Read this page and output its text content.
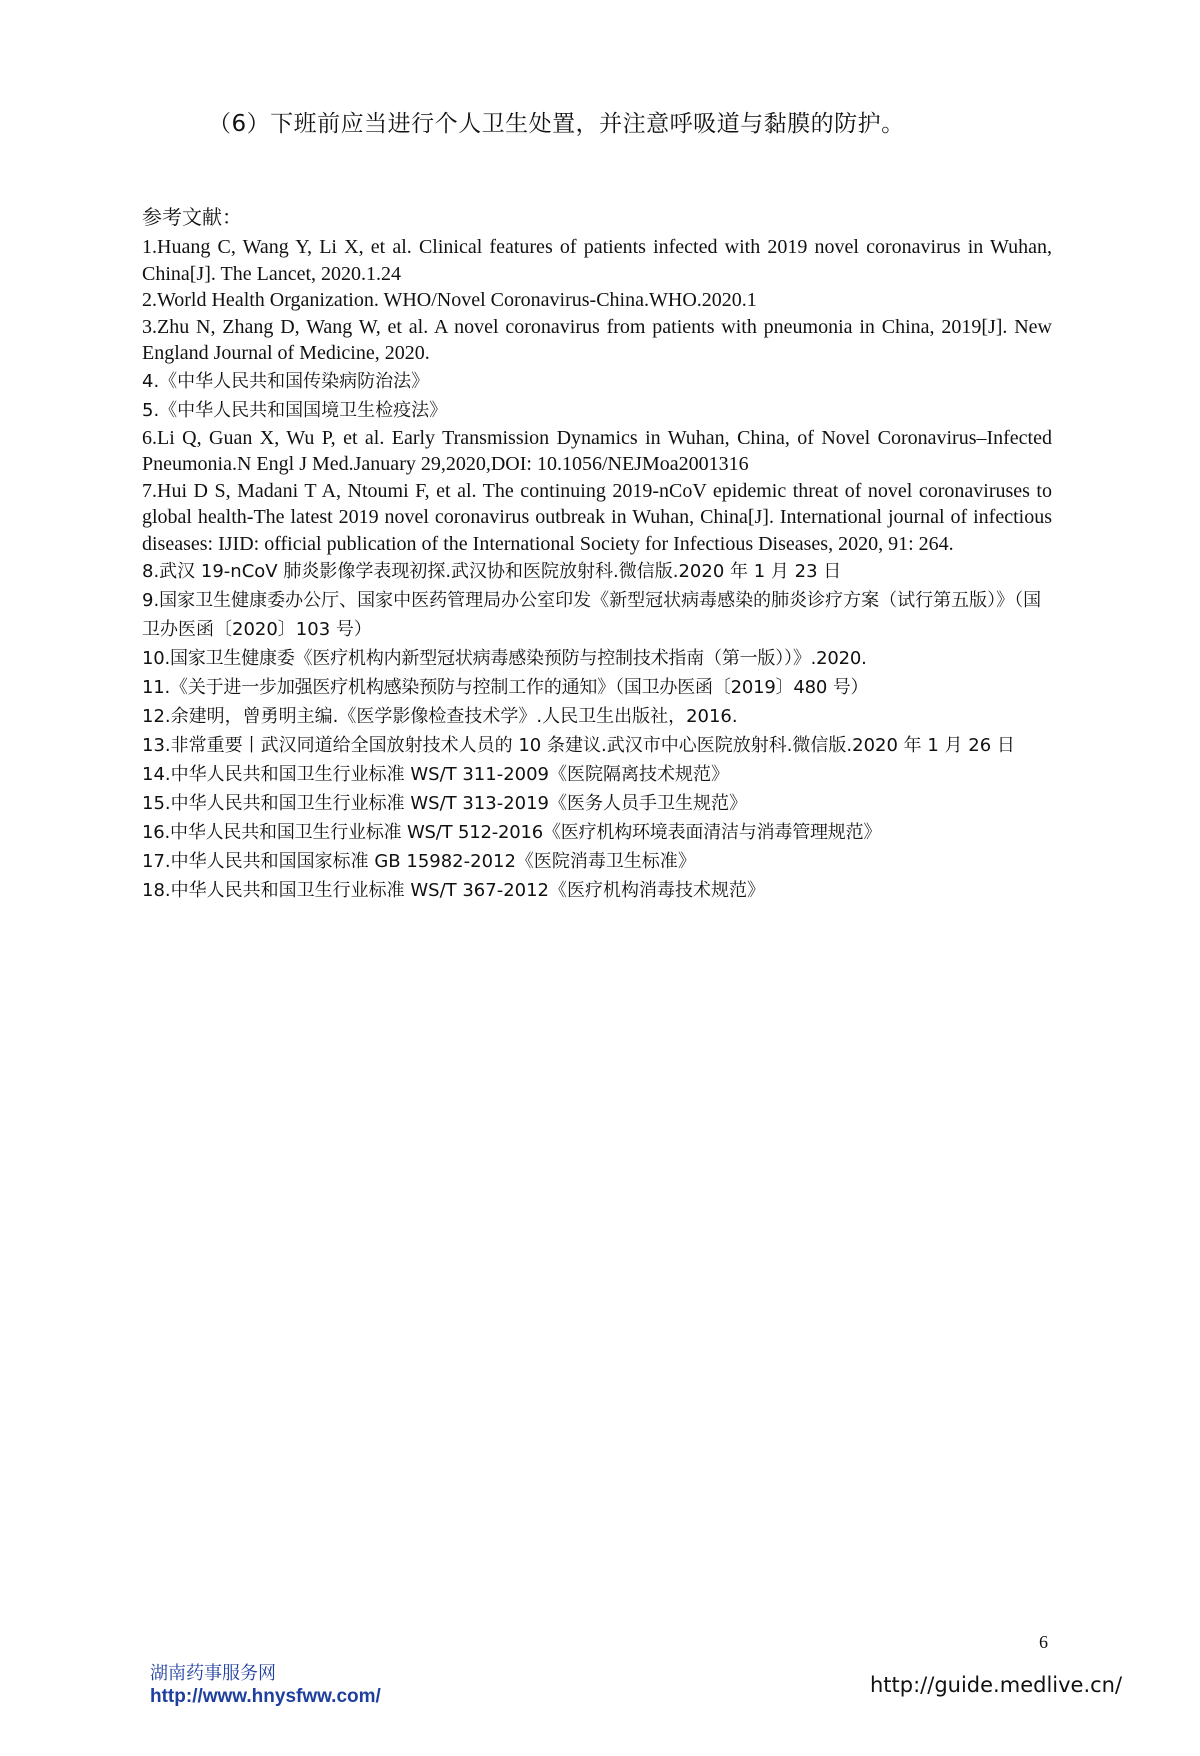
（6）下班前应当进行个人卫生处置，并注意呼吸道与黏膜的防护。
参考文献：
1.Huang C, Wang Y, Li X, et al. Clinical features of patients infected with 2019 novel coronavirus in Wuhan, China[J]. The Lancet, 2020.1.24
2.World Health Organization. WHO/Novel Coronavirus-China.WHO.2020.1
3.Zhu N, Zhang D, Wang W, et al. A novel coronavirus from patients with pneumonia in China, 2019[J]. New England Journal of Medicine, 2020.
4.《中华人民共和国传染病防治法》
5.《中华人民共和国国境卫生检疫法》
6.Li Q, Guan X, Wu P, et al. Early Transmission Dynamics in Wuhan, China, of Novel Coronavirus–Infected Pneumonia.N Engl J Med.January 29,2020,DOI: 10.1056/NEJMoa2001316
7.Hui D S, Madani T A, Ntoumi F, et al. The continuing 2019-nCoV epidemic threat of novel coronaviruses to global health-The latest 2019 novel coronavirus outbreak in Wuhan, China[J]. International journal of infectious diseases: IJID: official publication of the International Society for Infectious Diseases, 2020, 91: 264.
8.武汉 19-nCoV 肺炎影像学表现初探.武汉协和医院放射科.微信版.2020 年 1 月 23 日
9.国家卫生健康委办公厅、国家中医药管理局办公室印发《新型冠状病毒感染的肺炎诊疗方案（试行第五版）》（国卫办医函〔2020〕103 号）
10.国家卫生健康委《医疗机构内新型冠状病毒感染预防与控制技术指南（第一版））》.2020.
11.《关于进一步加强医疗机构感染预防与控制工作的通知》（国卫办医函〔2019〕480 号）
12.余建明，曾勇明主编.《医学影像检查技术学》.人民卫生出版社，2016.
13.非常重要丨武汉同道给全国放射技术人员的 10 条建议.武汉市中心医院放射科.微信版.2020 年 1 月 26 日
14.中华人民共和国卫生行业标准 WS/T 311-2009《医院隔离技术规范》
15.中华人民共和国卫生行业标准 WS/T 313-2019《医务人员手卫生规范》
16.中华人民共和国卫生行业标准 WS/T 512-2016《医疗机构环境表面清洁与消毒管理规范》
17.中华人民共和国国家标准 GB 15982-2012《医院消毒卫生标准》
18.中华人民共和国卫生行业标准 WS/T 367-2012《医疗机构消毒技术规范》
6
湖南药事服务网
http://www.hnysfww.com/	http://guide.medlive.cn/
